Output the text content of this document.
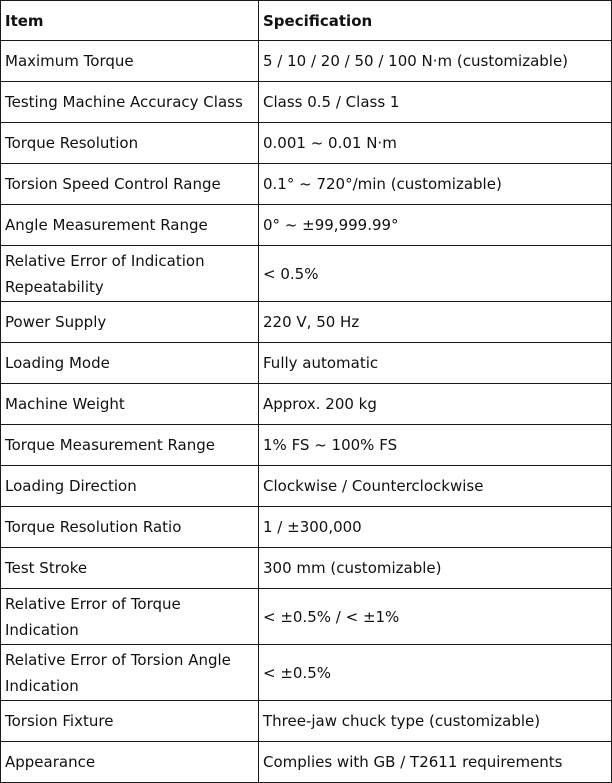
Item	Specification
Maximum Torque	5 / 10 / 20 / 50 / 100 N·m (customizable)
Testing Machine Accuracy Class	Class 0.5 / Class 1
Torque Resolution	0.001 ~ 0.01 N·m
Torsion Speed Control Range	0.1° ~ 720°/min (customizable)
Angle Measurement Range	0° ~ ±99,999.99°
Relative Error of Indication Repeatability	< 0.5%
Power Supply	220 V, 50 Hz
Loading Mode	Fully automatic
Machine Weight	Approx. 200 kg
Torque Measurement Range	1% FS ~ 100% FS
Loading Direction	Clockwise / Counterclockwise
Torque Resolution Ratio	1 / ±300,000
Test Stroke	300 mm (customizable)
Relative Error of Torque Indication	< ±0.5% / < ±1%
Relative Error of Torsion Angle Indication	< ±0.5%
Torsion Fixture	Three-jaw chuck type (customizable)
Appearance	Complies with GB / T2611 requirements
